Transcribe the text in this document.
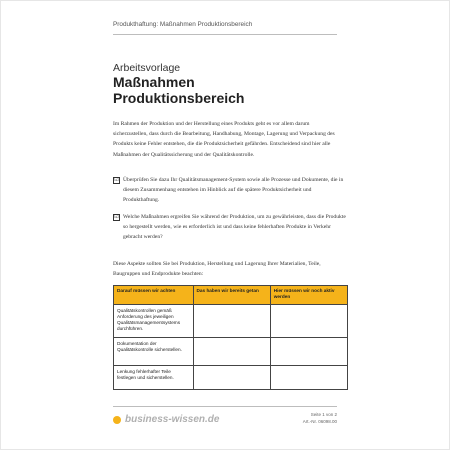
Produkthaftung: Maßnahmen Produktionsbereich
Arbeitsvorlage
Maßnahmen
Produktionsbereich
Im Rahmen der Produktion und der Herstellung eines Produkts geht es vor allem darum sicherzustellen, dass durch die Bearbeitung, Handhabung, Montage, Lagerung und Verpackung des Produkts keine Fehler entstehen, die die Produktsicherheit gefährden. Entscheidend sind hier alle Maßnahmen der Qualitätssicherung und der Qualitätskontrolle.
☑ Überprüfen Sie dazu Ihr Qualitätsmanagement-System sowie alle Prozesse und Dokumente, die in diesem Zusammenhang entstehen im Hinblick auf die spätere Produktsicherheit und Produkthaftung.
☑ Welche Maßnahmen ergreifen Sie während der Produktion, um zu gewährleisten, dass die Produkte so hergestellt werden, wie es erforderlich ist und dass keine fehlerhaften Produkte in Verkehr gebracht werden?
Diese Aspekte sollten Sie bei Produktion, Herstellung und Lagerung Ihrer Materialien, Teile, Baugruppen und Endprodukte beachten:
Darauf müssen wir achten	Das haben wir bereits getan	Hier müssen wir noch aktiv werden
Qualitätskontrollen gemäß Anforderung des jeweiligen Qualitätsmanagementsystems durchführen.		
Dokumentation der Qualitätskontrolle sicherstellen.		
Lenkung fehlerhafter Teile festlegen und sicherstellen.		
business-wissen.de	Seite 1 von 2
Art.-Nr. 06098.00
